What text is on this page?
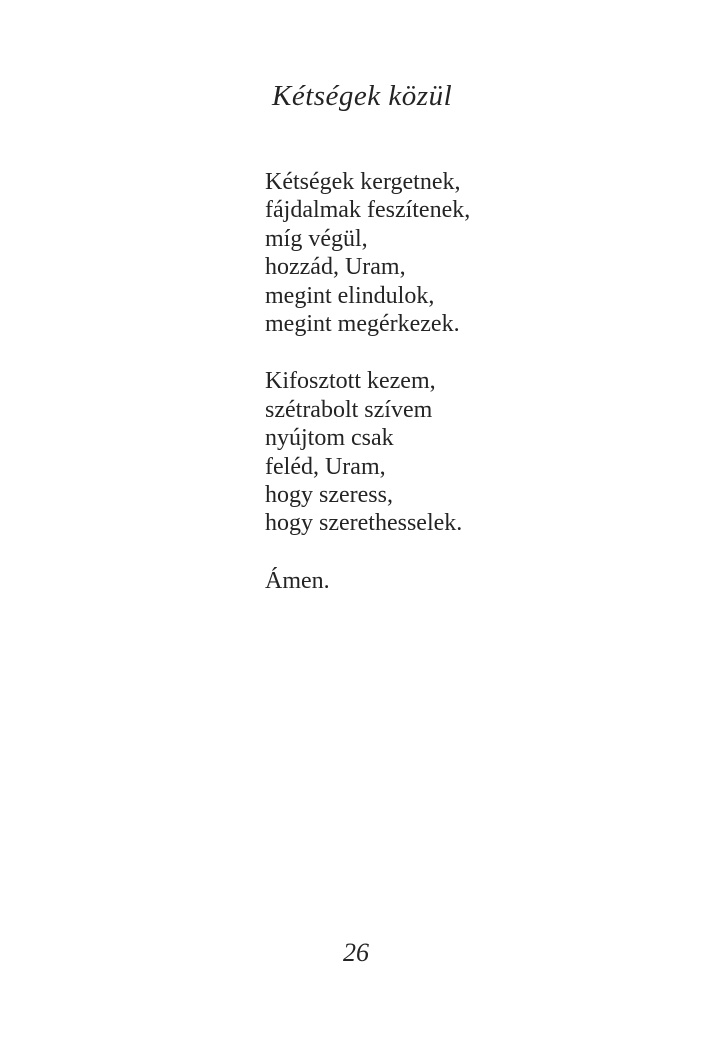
Kétségek közül
Kétségek kergetnek,
fájdalmak feszítenek,
míg végül,
hozzád, Uram,
megint elindulok,
megint megérkezek.
Kifosztott kezem,
szétrabolt szívem
nyújtom csak
feléd, Uram,
hogy szeress,
hogy szerethesselek.
Ámen.
26
